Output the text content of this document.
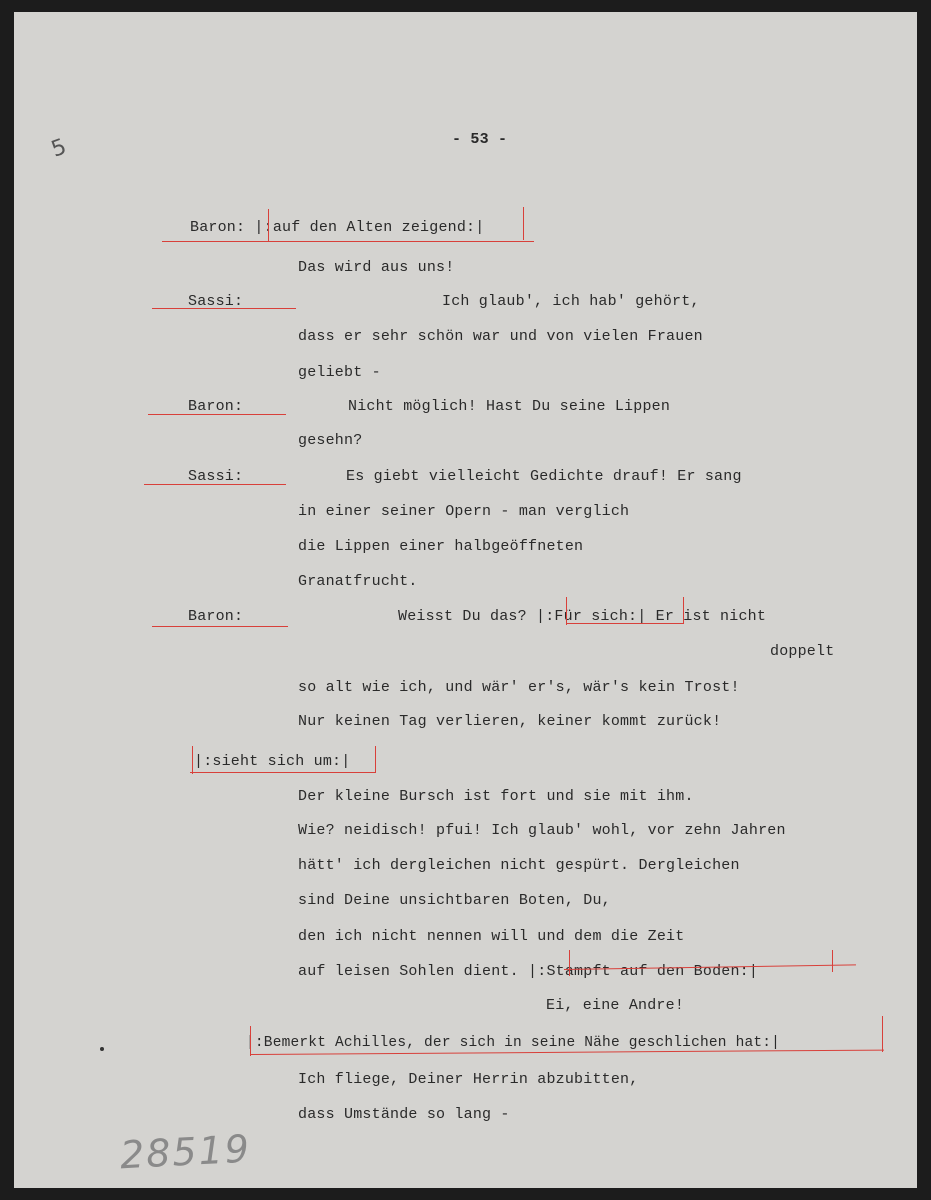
5	- 53 -
Baron: |:auf den Alten zeigend:|
Das wird aus uns!
Sassi:	Ich glaub', ich hab' gehört,
dass er sehr schön war und von vielen Frauen
geliebt -
Baron:	Nicht möglich! Hast Du seine Lippen
gesehn?
Sassi:	Es giebt vielleicht Gedichte drauf! Er sang
in einer seiner Opern - man verglich
die Lippen einer halbgeöffneten
Granatfrucht.
Baron:	Weisst Du das? |:Für sich:| Er ist nicht
doppelt
so alt wie ich, und wär' er's, wär's kein Trost!
Nur keinen Tag verlieren, keiner kommt zurück!
|:sieht sich um:|
Der kleine Bursch ist fort und sie mit ihm.
Wie? neidisch! pfui! Ich glaub' wohl, vor zehn Jahren
hätt' ich dergleichen nicht gespürt. Dergleichen
sind Deine unsichtbaren Boten, Du,
den ich nicht nennen will und dem die Zeit
auf leisen Sohlen dient. |:Stampft auf den Boden:|
Ei, eine Andre!
|:Bemerkt Achilles, der sich in seine Nähe geschlichen hat:|
Ich fliege, Deiner Herrin abzubitten,
dass Umstände so lang -
28519
